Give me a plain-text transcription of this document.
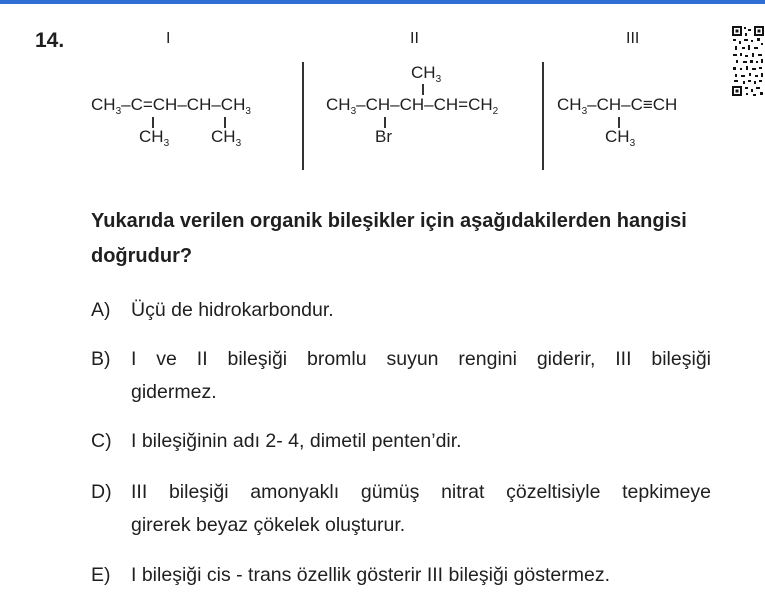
14.	I	II	III
$CH_3-C=CH-CH-CH_3$
$CH_3$ $CH_3$
$CH_3$
$CH_3-CH-CH-CH=CH_2$
Br
$CH_3-CH-C\equiv CH$
$CH_3$
Yukarıda verilen organik bileşikler için aşağıdakilerden hangisi doğrudur?
A) Üçü de hidrokarbondur.
B) I ve II bileşiği bromlu suyun rengini giderir, III bileşiği
gidermez.
C) I bileşiğinin adı 2- 4, dimetil penten’dir.
D) III bileşiği amonyaklı gümüş nitrat çözeltisiyle tepkimeye
girerek beyaz çökelek oluşturur.
E) I bileşiği cis - trans özellik gösterir III bileşiği göstermez.
